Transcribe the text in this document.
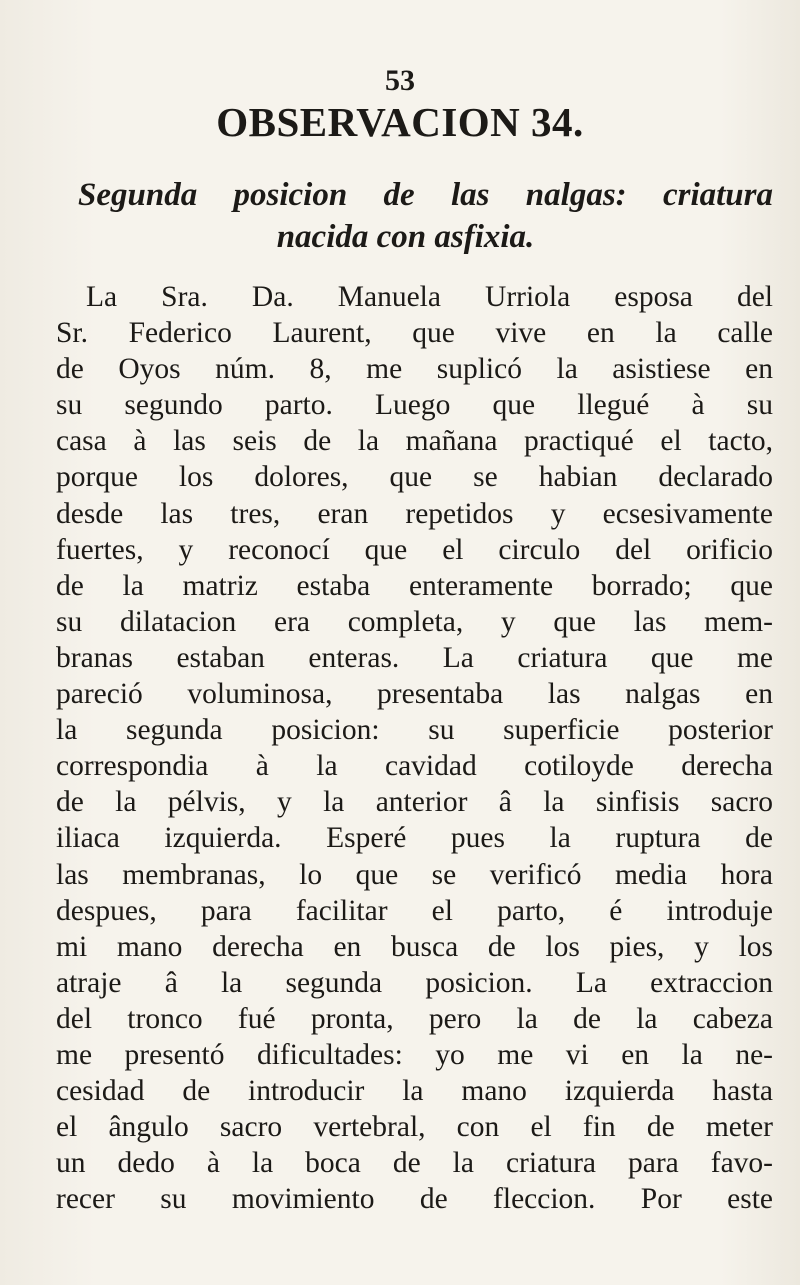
53
OBSERVACION 34.
Segunda posicion de las nalgas: criatura
nacida con asfixia.
La Sra. Da. Manuela Urriola esposa del
Sr. Federico Laurent, que vive en la calle
de Oyos núm. 8, me suplicó la asistiese en
su segundo parto. Luego que llegué à su
casa à las seis de la mañana practiqué el tacto,
porque los dolores, que se habian declarado
desde las tres, eran repetidos y ecsesivamente
fuertes, y reconocí que el circulo del orificio
de la matriz estaba enteramente borrado; que
su dilatacion era completa, y que las mem-
branas estaban enteras. La criatura que me
pareció voluminosa, presentaba las nalgas en
la segunda posicion: su superficie posterior
correspondia à la cavidad cotiloyde derecha
de la pélvis, y la anterior â la sinfisis sacro
iliaca izquierda. Esperé pues la ruptura de
las membranas, lo que se verificó media hora
despues, para facilitar el parto, é introduje
mi mano derecha en busca de los pies, y los
atraje â la segunda posicion. La extraccion
del tronco fué pronta, pero la de la cabeza
me presentó dificultades: yo me vi en la ne-
cesidad de introducir la mano izquierda hasta
el ângulo sacro vertebral, con el fin de meter
un dedo à la boca de la criatura para favo-
recer su movimiento de fleccion. Por este
